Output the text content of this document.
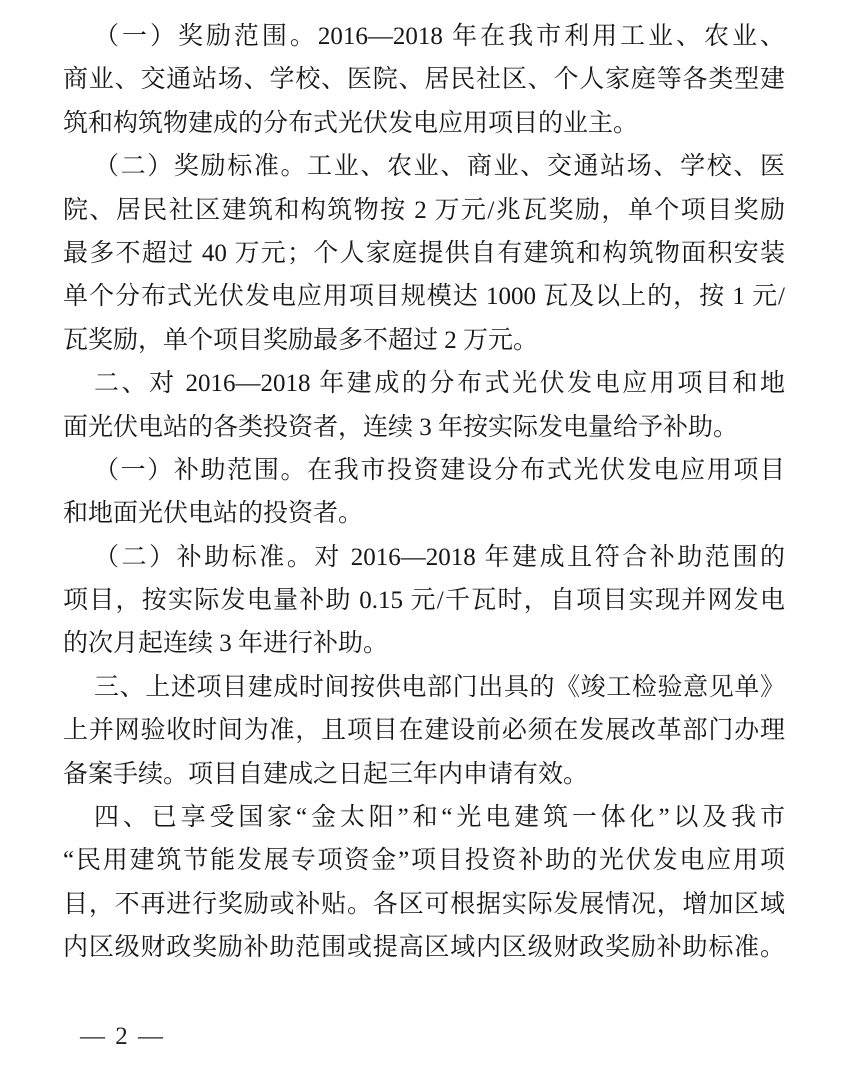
（一）奖励范围。2016—2018 年在我市利用工业、农业、
商业、交通站场、学校、医院、居民社区、个人家庭等各类型建
筑和构筑物建成的分布式光伏发电应用项目的业主。
（二）奖励标准。工业、农业、商业、交通站场、学校、医
院、居民社区建筑和构筑物按 2 万元/兆瓦奖励，单个项目奖励
最多不超过 40 万元；个人家庭提供自有建筑和构筑物面积安装
单个分布式光伏发电应用项目规模达 1000 瓦及以上的，按 1 元/
瓦奖励，单个项目奖励最多不超过 2 万元。
二、对 2016—2018 年建成的分布式光伏发电应用项目和地
面光伏电站的各类投资者，连续 3 年按实际发电量给予补助。
（一）补助范围。在我市投资建设分布式光伏发电应用项目
和地面光伏电站的投资者。
（二）补助标准。对 2016—2018 年建成且符合补助范围的
项目，按实际发电量补助 0.15 元/千瓦时，自项目实现并网发电
的次月起连续 3 年进行补助。
三、上述项目建成时间按供电部门出具的《竣工检验意见单》
上并网验收时间为准，且项目在建设前必须在发展改革部门办理
备案手续。项目自建成之日起三年内申请有效。
四、已享受国家“金太阳”和“光电建筑一体化”以及我市
“民用建筑节能发展专项资金”项目投资补助的光伏发电应用项
目，不再进行奖励或补贴。各区可根据实际发展情况，增加区域
内区级财政奖励补助范围或提高区域内区级财政奖励补助标准。
— 2 —
